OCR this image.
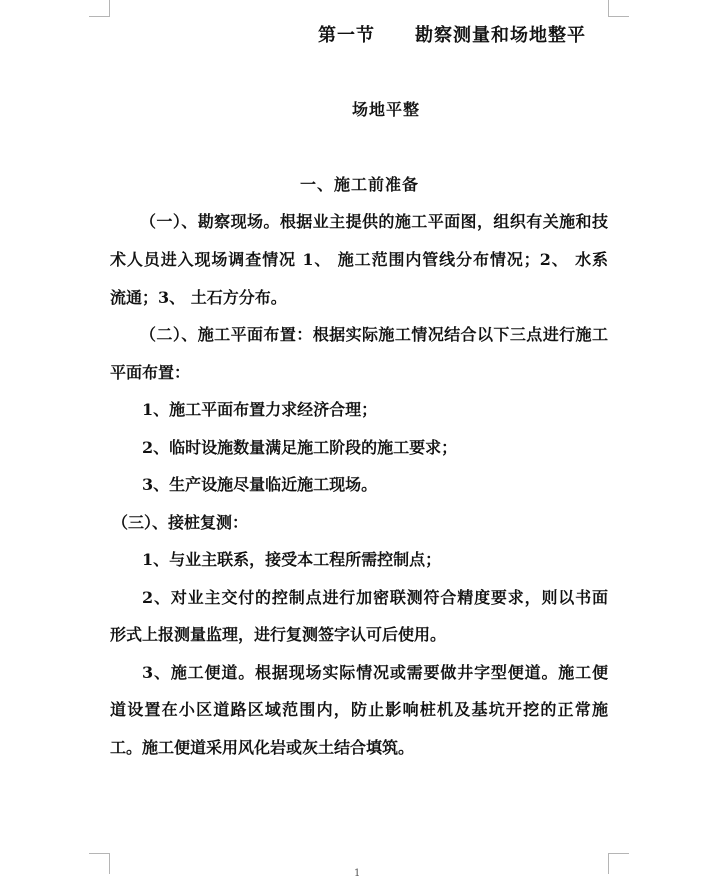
第一节 勘察测量和场地整平
场地平整
一、施工前准备
（一）、勘察现场。根据业主提供的施工平面图，组织有关施和技
术人员进入现场调查情况 1、 施工范围内管线分布情况；2、 水系
流通；3、 土石方分布。
（二）、施工平面布置：根据实际施工情况结合以下三点进行施工
平面布置：
1、施工平面布置力求经济合理；
2、临时设施数量满足施工阶段的施工要求；
3、生产设施尽量临近施工现场。
（三）、接桩复测：
1、与业主联系，接受本工程所需控制点；
2、对业主交付的控制点进行加密联测符合精度要求，则以书面
形式上报测量监理，进行复测签字认可后使用。
3、施工便道。根据现场实际情况或需要做井字型便道。施工便
道设置在小区道路区域范围内，防止影响桩机及基坑开挖的正常施
工。施工便道采用风化岩或灰土结合填筑。
1
